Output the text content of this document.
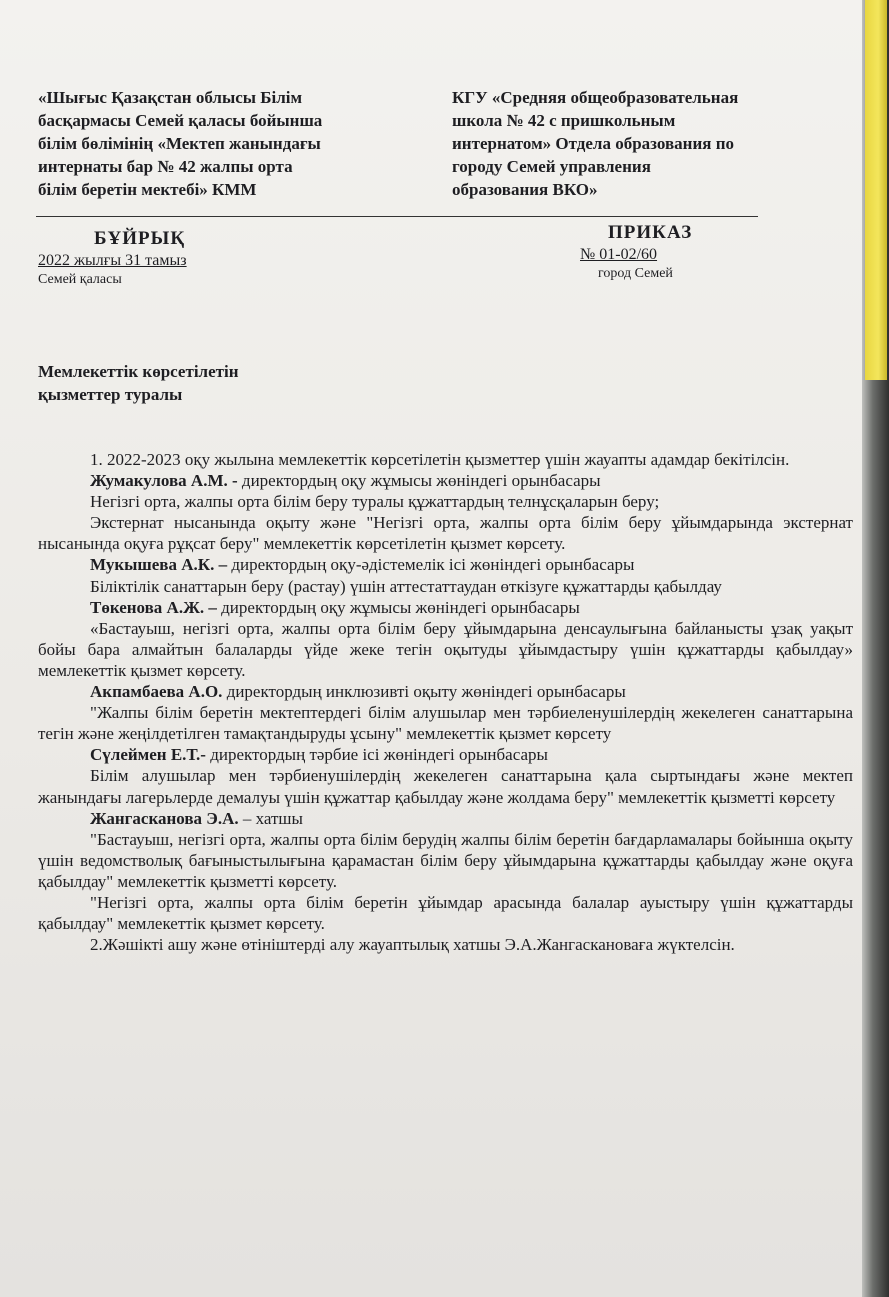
«Шығыс Қазақстан облысы Білім
басқармасы Семей қаласы бойынша
білім бөлімінің «Мектеп жанындағы
интернаты бар № 42 жалпы орта
білім беретін мектебі» КММ
КГУ «Средняя общеобразовательная
школа № 42 с пришкольным
интернатом» Отдела образования по
городу Семей управления
образования ВКО»
БҰЙРЫҚ
2022 жылғы 31 тамыз
Семей қаласы
ПРИКАЗ
№ 01-02/60
город Семей
Мемлекеттік көрсетілетін
қызметтер туралы

1. 2022-2023 оқу жылына мемлекеттік көрсетілетін қызметтер үшін жауапты адамдар бекітілсін.

Жумакулова А.М. - директордың оқу жұмысы жөніндегі орынбасары

Негізгі орта, жалпы орта білім беру туралы құжаттардың телнұсқаларын беру;

Экстернат нысанында оқыту және "Негізгі орта, жалпы орта білім беру ұйымдарында экстернат нысанында оқуға рұқсат беру" мемлекеттік көрсетілетін қызмет көрсету.

Мукышева А.К. – директордың оқу-әдістемелік ісі жөніндегі орынбасары

Біліктілік санаттарын беру (растау) үшін аттестаттаудан өткізуге құжаттарды қабылдау

Төкенова А.Ж. – директордың оқу жұмысы жөніндегі орынбасары

«Бастауыш, негізгі орта, жалпы орта білім беру ұйымдарына денсаулығына байланысты ұзақ уақыт бойы бара алмайтын балаларды үйде жеке тегін оқытуды ұйымдастыру үшін құжаттарды қабылдау» мемлекеттік қызмет көрсету.

Акпамбаева А.О. директордың инклюзивті оқыту жөніндегі орынбасары

"Жалпы білім беретін мектептердегі білім алушылар мен тәрбиеленушілердің жекелеген санаттарына тегін және жеңілдетілген тамақтандыруды ұсыну" мемлекеттік қызмет көрсету

Сүлеймен Е.Т.- директордың тәрбие ісі жөніндегі орынбасары

Білім алушылар мен тәрбиенушілердің жекелеген санаттарына қала сыртындағы және мектеп жанындағы лагерьлерде демалуы үшін құжаттар қабылдау және жолдама беру" мемлекеттік қызметті көрсету

Жангасканова Э.А. – хатшы

"Бастауыш, негізгі орта, жалпы орта білім берудің жалпы білім беретін бағдарламалары бойынша оқыту үшін ведомстволық бағыныстылығына қарамастан білім беру ұйымдарына құжаттарды қабылдау және оқуға қабылдау" мемлекеттік қызметті көрсету.

"Негізгі орта, жалпы орта білім беретін ұйымдар арасында балалар ауыстыру үшін құжаттарды қабылдау" мемлекеттік қызмет көрсету.

2.Жәшікті ашу және өтініштерді алу жауаптылық хатшы Э.А.Жангаскановаға жүктелсін.
